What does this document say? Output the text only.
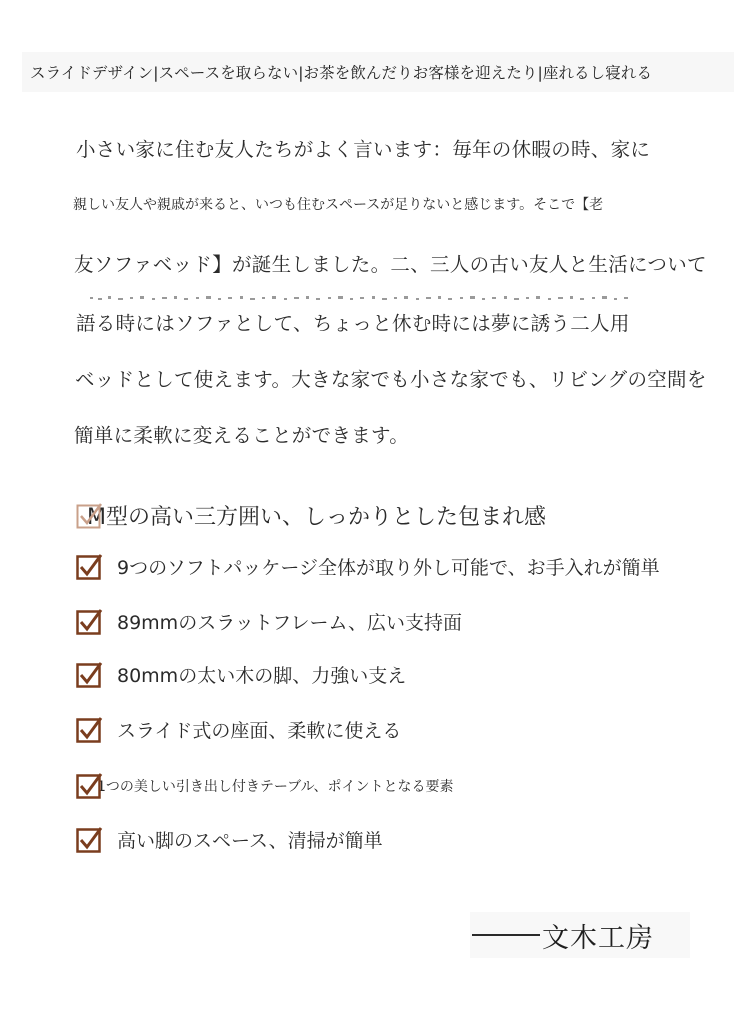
スライドデザイン|スペースを取らない|お茶を飲んだりお客様を迎えたり|座れるし寝れる
小さい家に住む友人たちがよく言います：毎年の休暇の時、家に
親しい友人や親戚が来ると、いつも住むスペースが足りないと感じます。そこで【老
友ソファベッド】が誕生しました。二、三人の古い友人と生活について
語る時にはソファとして、ちょっと休む時には夢に誘う二人用
ベッドとして使えます。大きな家でも小さな家でも、リビングの空間を
簡単に柔軟に変えることができます。
M型の高い三方囲い、しっかりとした包まれ感
9つのソフトパッケージ全体が取り外し可能で、お手入れが簡単
89mmのスラットフレーム、広い支持面
80mmの太い木の脚、力強い支え
スライド式の座面、柔軟に使える
1つの美しい引き出し付きテーブル、ポイントとなる要素
高い脚のスペース、清掃が簡単
文木工房
